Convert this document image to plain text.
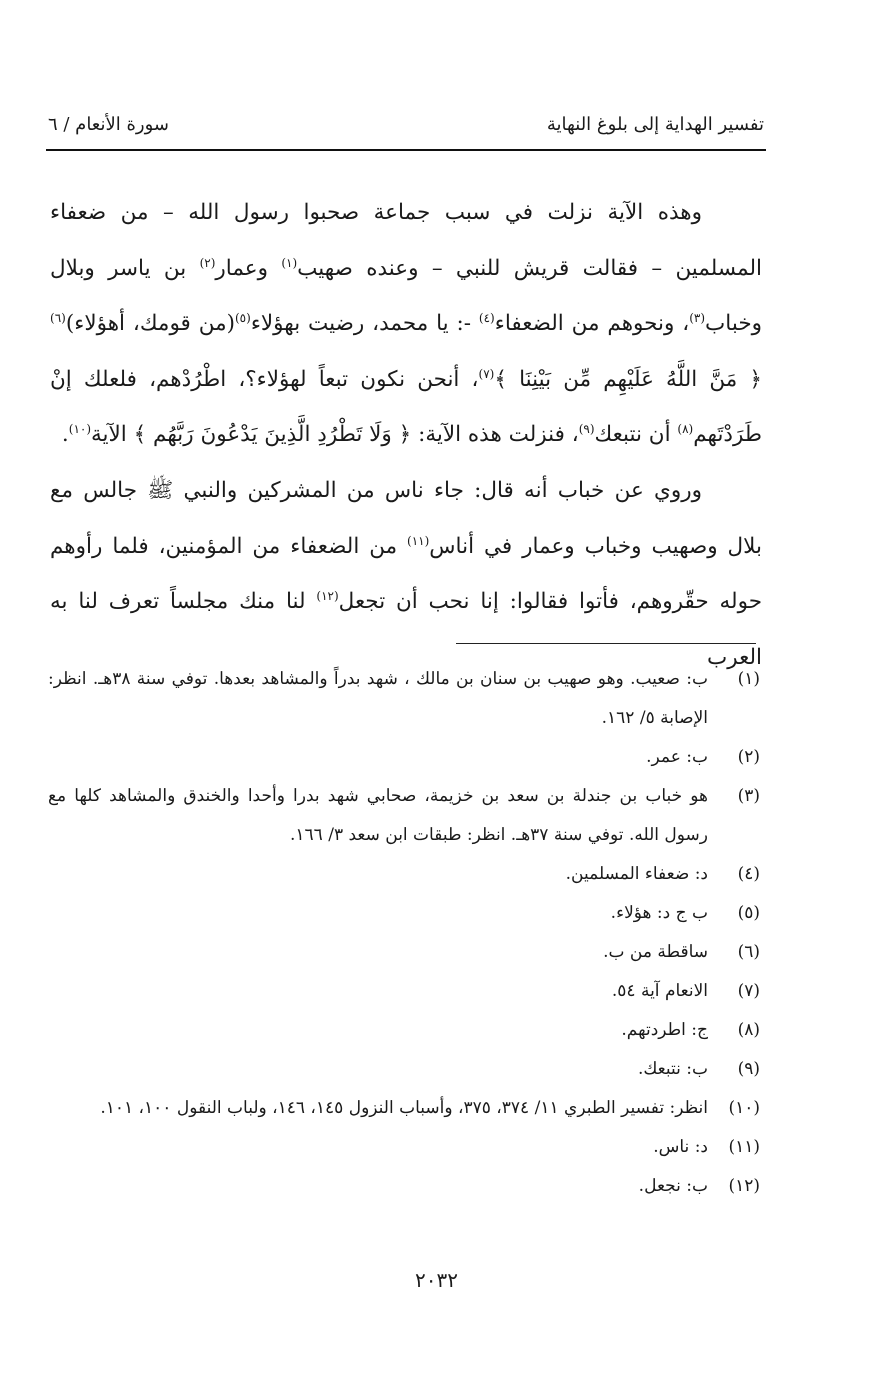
تفسير الهداية إلى بلوغ النهاية
سورة الأنعام / ٦

وهذه الآية نزلت في سبب جماعة صحبوا رسول الله – من ضعفاء المسلمين – فقالت قريش للنبي – وعنده صهيب$^{(١)}$ وعمار$^{(٢)}$ بن ياسر وبلال وخباب$^{(٣)}$، ونحوهم من الضعفاء$^{(٤)}$ -: يا محمد، رضيت بهؤلاء$^{(٥)}$(من قومك، أهؤلاء)$^{(٦)}$ ﴿ مَنَّ اللَّهُ عَلَيْهِم مِّن بَيْنِنَا ﴾$^{(٧)}$، أنحن نكون تبعاً لهؤلاء؟، اطْرُدْهم، فلعلك إنْ طَرَدْتَهم$^{(٨)}$ أن نتبعك$^{(٩)}$، فنزلت هذه الآية: ﴿ وَلَا تَطْرُدِ الَّذِينَ يَدْعُونَ رَبَّهُم ﴾ الآية$^{(١٠)}$.

وروي عن خباب أنه قال: جاء ناس من المشركين والنبي ﷺ جالس مع بلال وصهيب وخباب وعمار في أناس$^{(١١)}$ من الضعفاء من المؤمنين، فلما رأوهم حوله حقّروهم، فأتوا فقالوا: إنا نحب أن تجعل$^{(١٢)}$ لنا منك مجلساً تعرف لنا به العرب

(١)
ب: صعيب. وهو صهيب بن سنان بن مالك ، شهد بدراً والمشاهد بعدها. توفي سنة ٣٨هـ. انظر: الإصابة ٥/ ١٦٢.
(٢)
ب: عمر.
(٣)
هو خباب بن جندلة بن سعد بن خزيمة، صحابي شهد بدرا وأحدا والخندق والمشاهد كلها مع رسول الله. توفي سنة ٣٧هـ. انظر: طبقات ابن سعد ٣/ ١٦٦.
(٤)
د: ضعفاء المسلمين.
(٥)
ب ج د: هؤلاء.
(٦)
ساقطة من ب.
(٧)
الانعام آية ٥٤.
(٨)
ج: اطردتهم.
(٩)
ب: نتبعك.
(١٠)
انظر: تفسير الطبري ١١/ ٣٧٤، ٣٧٥، وأسباب النزول ١٤٥، ١٤٦، ولباب النقول ١٠٠، ١٠١.
(١١)
د: ناس.
(١٢)
ب: نجعل.
٢٠٣٢
